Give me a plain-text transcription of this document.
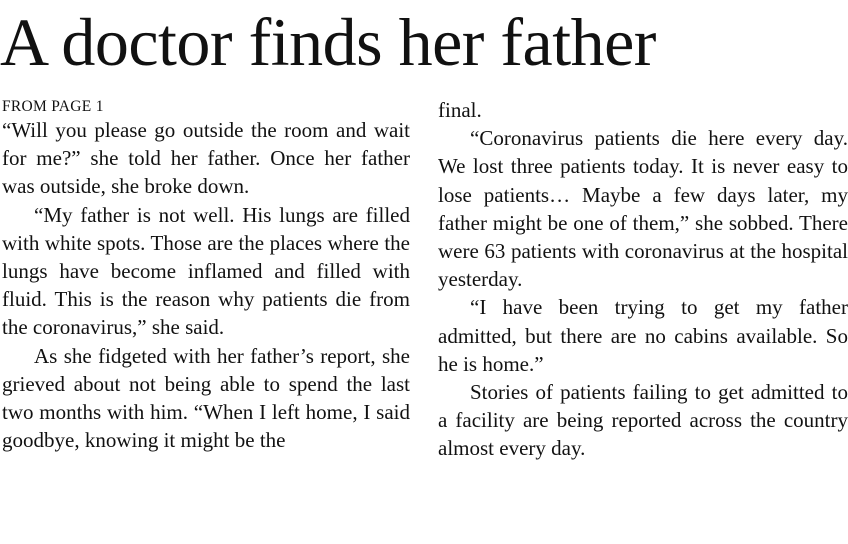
A doctor finds her father
FROM PAGE 1

“Will you please go outside the room and wait for me?” she told her father. Once her father was outside, she broke down.

“My father is not well. His lungs are filled with white spots. Those are the places where the lungs have become inflamed and filled with fluid. This is the reason why patients die from the coronavirus,” she said.

As she fidgeted with her father’s report, she grieved about not being able to spend the last two months with him. “When I left home, I said goodbye, knowing it might be the

final.

“Coronavirus patients die here every day. We lost three patients today. It is never easy to lose patients… Maybe a few days later, my father might be one of them,” she sobbed. There were 63 patients with coronavirus at the hospital yesterday.

“I have been trying to get my father admitted, but there are no cabins available. So he is home.”

Stories of patients failing to get admitted to a facility are being reported across the country almost every day.
